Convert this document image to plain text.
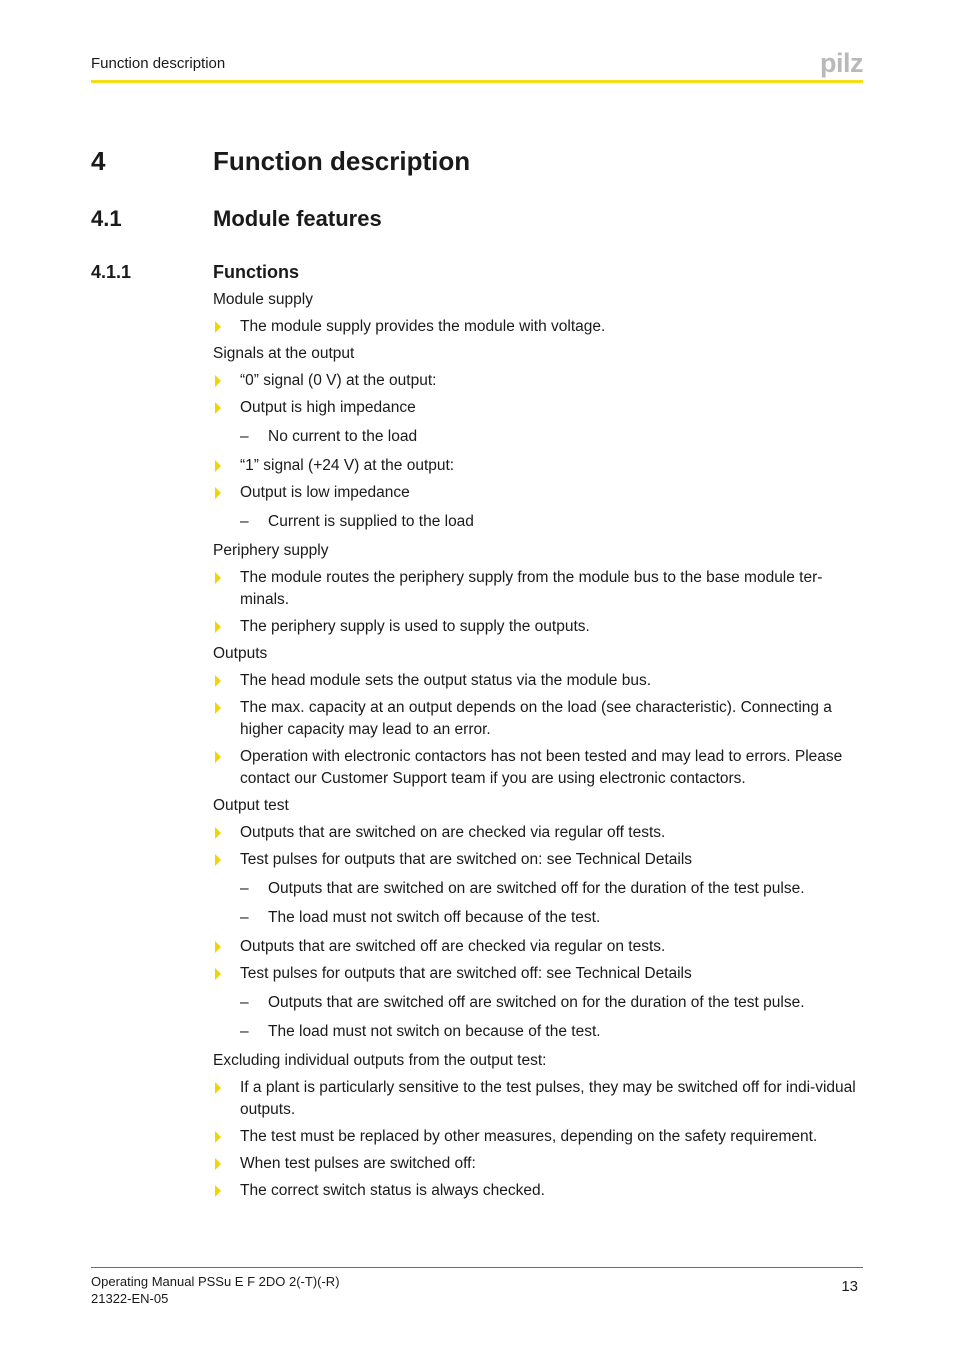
Function description	pilz
4	Function description
4.1	Module features
4.1.1	Functions
Module supply
The module supply provides the module with voltage.
Signals at the output
“0” signal (0 V) at the output:
Output is high impedance
– No current to the load
“1” signal (+24 V) at the output:
Output is low impedance
– Current is supplied to the load
Periphery supply
The module routes the periphery supply from the module bus to the base module ter-minals.
The periphery supply is used to supply the outputs.
Outputs
The head module sets the output status via the module bus.
The max. capacity at an output depends on the load (see characteristic). Connecting a higher capacity may lead to an error.
Operation with electronic contactors has not been tested and may lead to errors. Please contact our Customer Support team if you are using electronic contactors.
Output test
Outputs that are switched on are checked via regular off tests.
Test pulses for outputs that are switched on: see Technical Details
– Outputs that are switched on are switched off for the duration of the test pulse.
– The load must not switch off because of the test.
Outputs that are switched off are checked via regular on tests.
Test pulses for outputs that are switched off: see Technical Details
– Outputs that are switched off are switched on for the duration of the test pulse.
– The load must not switch on because of the test.
Excluding individual outputs from the output test:
If a plant is particularly sensitive to the test pulses, they may be switched off for indi-vidual outputs.
The test must be replaced by other measures, depending on the safety requirement.
When test pulses are switched off:
The correct switch status is always checked.
Operating Manual PSSu E F 2DO 2(-T)(-R)
21322-EN-05
13
